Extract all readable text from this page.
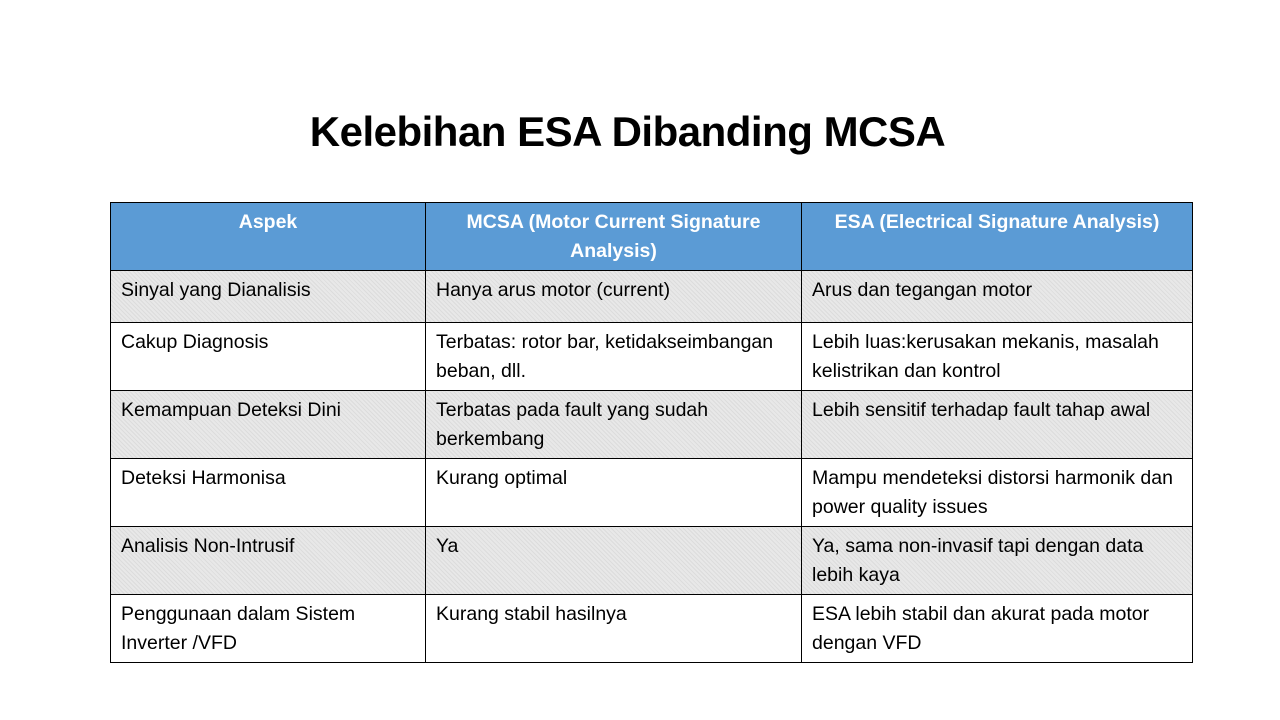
Kelebihan ESA Dibanding MCSA
Aspek	MCSA (Motor Current Signature Analysis)	ESA (Electrical Signature Analysis)
Sinyal yang Dianalisis	Hanya arus motor (current)	Arus dan tegangan motor
Cakup Diagnosis	Terbatas: rotor bar, ketidakseimbangan beban, dll.	Lebih luas:kerusakan mekanis, masalah kelistrikan dan kontrol
Kemampuan Deteksi Dini	Terbatas pada fault yang sudah berkembang	Lebih sensitif terhadap fault tahap awal
Deteksi Harmonisa	Kurang optimal	Mampu mendeteksi distorsi harmonik dan power quality issues
Analisis Non-Intrusif	Ya	Ya, sama non-invasif tapi dengan data lebih kaya
Penggunaan dalam Sistem Inverter /VFD	Kurang stabil hasilnya	ESA lebih stabil dan akurat pada motor dengan VFD
